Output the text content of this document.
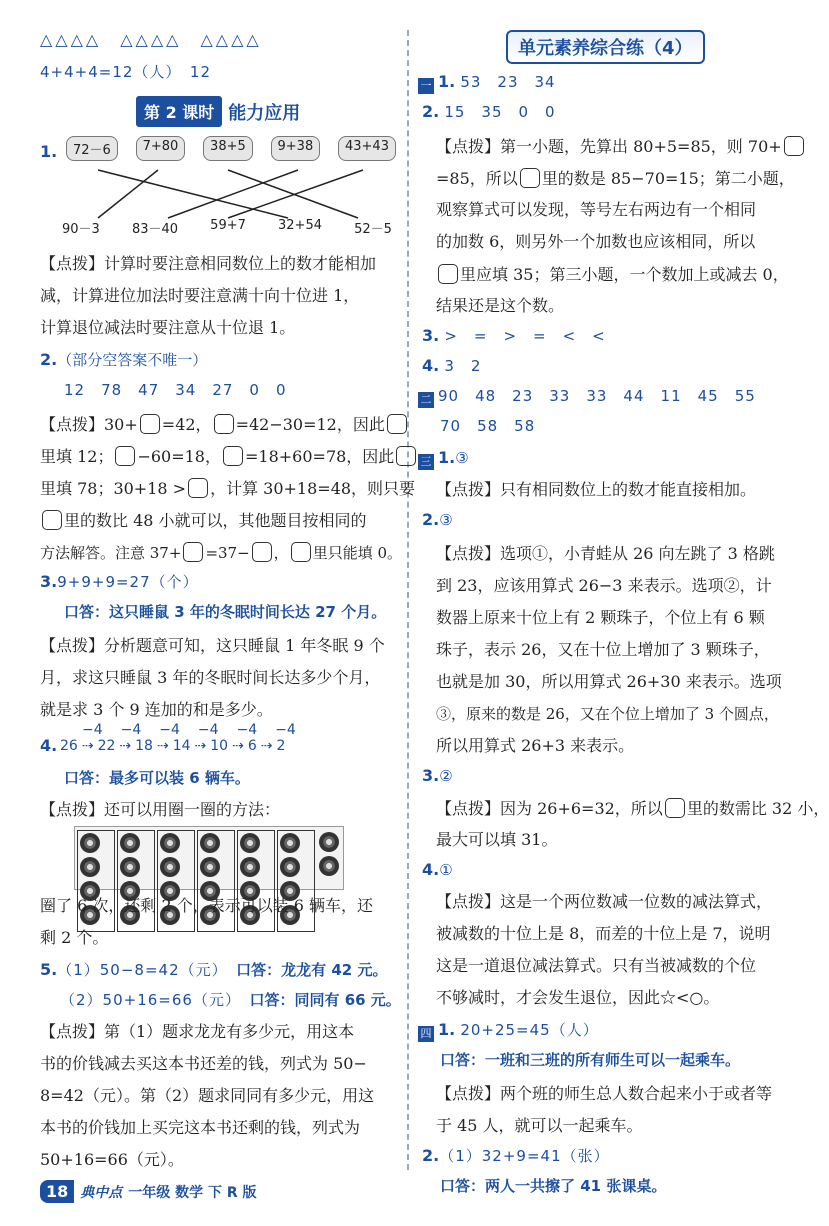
△△△△　 △△△△　 △△△△
4+4+4=12（人）　12
第 2 课时 能力应用
1.	72－6	7+80	38+5	9+38	43+43
90－3 83－40 59+7 32+54 52－5
【点拨】计算时要注意相同数位上的数才能相加
减，计算进位加法时要注意满十向十位进 1，
计算退位减法时要注意从十位退 1。
2.（部分空答案不唯一）
12　78　47　34　27　0　0
【点拨】30+ =42， =42−30=12，因此
里填 12； −60=18， =18+60=78，因此
里填 78；30+18 > ，计算 30+18=48，则只要
里的数比 48 小就可以，其他题目按相同的
方法解答。注意 37+ =37− ， 里只能填 0。
3.9+9+9=27（个）
口答：这只睡鼠 3 年的冬眠时间长达 27 个月。
【点拨】分析题意可知，这只睡鼠 1 年冬眠 9 个
月，求这只睡鼠 3 年的冬眠时间长达多少个月，
就是求 3 个 9 连加的和是多少。
4.
−4 −4 −4 −4 −4 −4
26 ⇢ 22 ⇢ 18 ⇢ 14 ⇢ 10 ⇢ 6 ⇢ 2
口答：最多可以装 6 辆车。
【点拨】还可以用圈一圈的方法：

圈了 6 次，还剩 2 个，表示可以装 6 辆车，还
剩 2 个。
5.（1）50−8=42（元）　 口答：龙龙有 42 元。
（2）50+16=66（元）　 口答：同同有 66 元。
【点拨】第（1）题求龙龙有多少元，用这本
书的价钱减去买这本书还差的钱，列式为 50−
8=42（元）。第（2）题求同同有多少元，用这
本书的价钱加上买完这本书还剩的钱，列式为
50+16=66（元）。
单元素养综合练（4）
一 1. 53　23　34
2. 15　35　0　0
【点拨】第一小题，先算出 80+5=85，则 70+
=85，所以 里的数是 85−70=15；第二小题，
观察算式可以发现，等号左右两边有一个相同
的加数 6，则另外一个加数也应该相同，所以
里应填 35；第三小题，一个数加上或减去 0，
结果还是这个数。
3. >　=　>　=　<　<
4. 3　2
二 90　48　23　33　33　44　11　45　55
70　58　58
三 1.③
【点拨】只有相同数位上的数才能直接相加。
2.③
【点拨】选项①，小青蛙从 26 向左跳了 3 格跳
到 23，应该用算式 26−3 来表示。选项②，计
数器上原来十位上有 2 颗珠子，个位上有 6 颗
珠子，表示 26，又在十位上增加了 3 颗珠子，
也就是加 30，所以用算式 26+30 来表示。选项
③，原来的数是 26，又在个位上增加了 3 个圆点，
所以用算式 26+3 来表示。
3.②
【点拨】因为 26+6=32，所以 里的数需比 32 小，
最大可以填 31。
4.①
【点拨】这是一个两位数减一位数的减法算式，
被减数的十位上是 8，而差的十位上是 7，说明
这是一道退位减法算式。只有当被减数的个位
不够减时，才会发生退位，因此☆<○。
四 1. 20+25=45（人）
口答：一班和三班的所有师生可以一起乘车。
【点拨】两个班的师生总人数合起来小于或者等
于 45 人，就可以一起乘车。
2.（1）32+9=41（张）
口答：两人一共擦了 41 张课桌。
18 典中点 一年级 数学 下 R 版
